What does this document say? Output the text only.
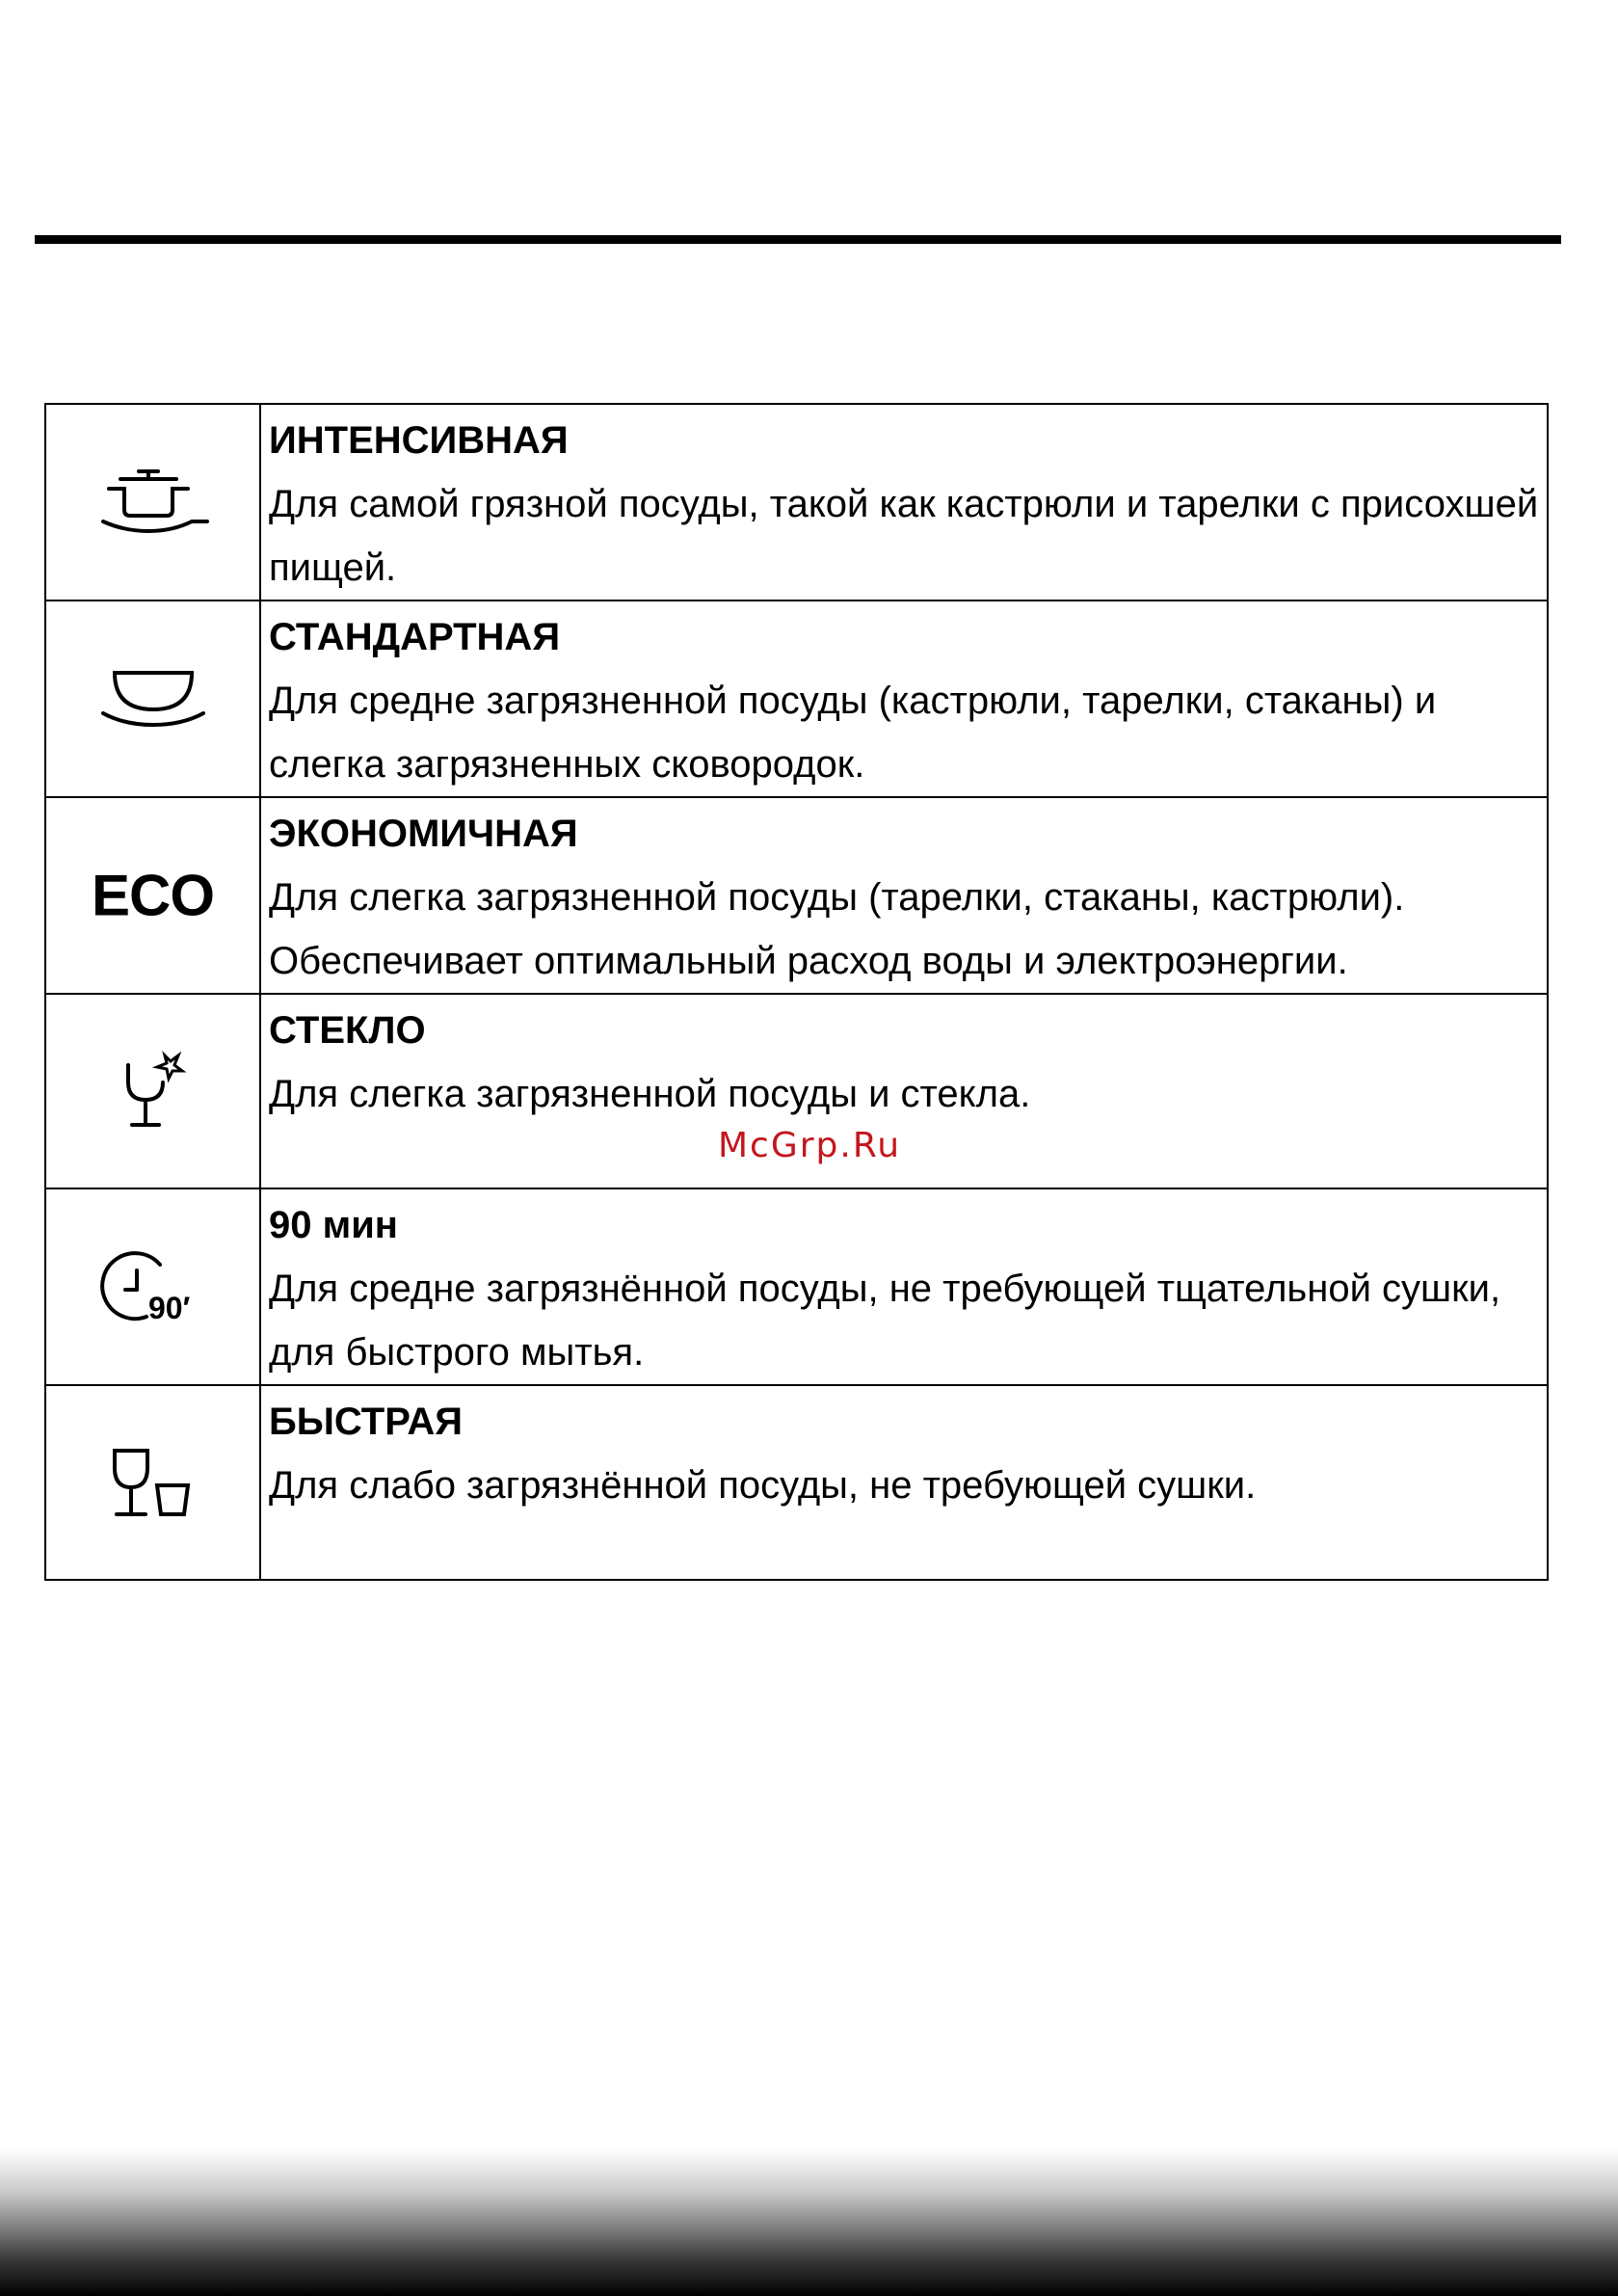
ИНТЕНСИВНАЯ
Для самой грязной посуды, такой как кастрюли и тарелки с присохшей пищей.

СТАНДАРТНАЯ
Для средне загрязненной посуды (кастрюли, тарелки, стаканы) и слегка загрязненных сковородок.

ECO	ЭКОНОМИЧНАЯ
Для слегка загрязненной посуды (тарелки, стаканы, кастрюли). Обеспечивает оптимальный расход воды и электроэнергии.

СТЕКЛО
Для слегка загрязненной посуды и стекла.

90′	90 мин
Для средне загрязнённой посуды, не требующей тщательной сушки, для быстрого мытья.

БЫСТРАЯ
Для слабо загрязнённой посуды, не требующей сушки.
McGrp.Ru
